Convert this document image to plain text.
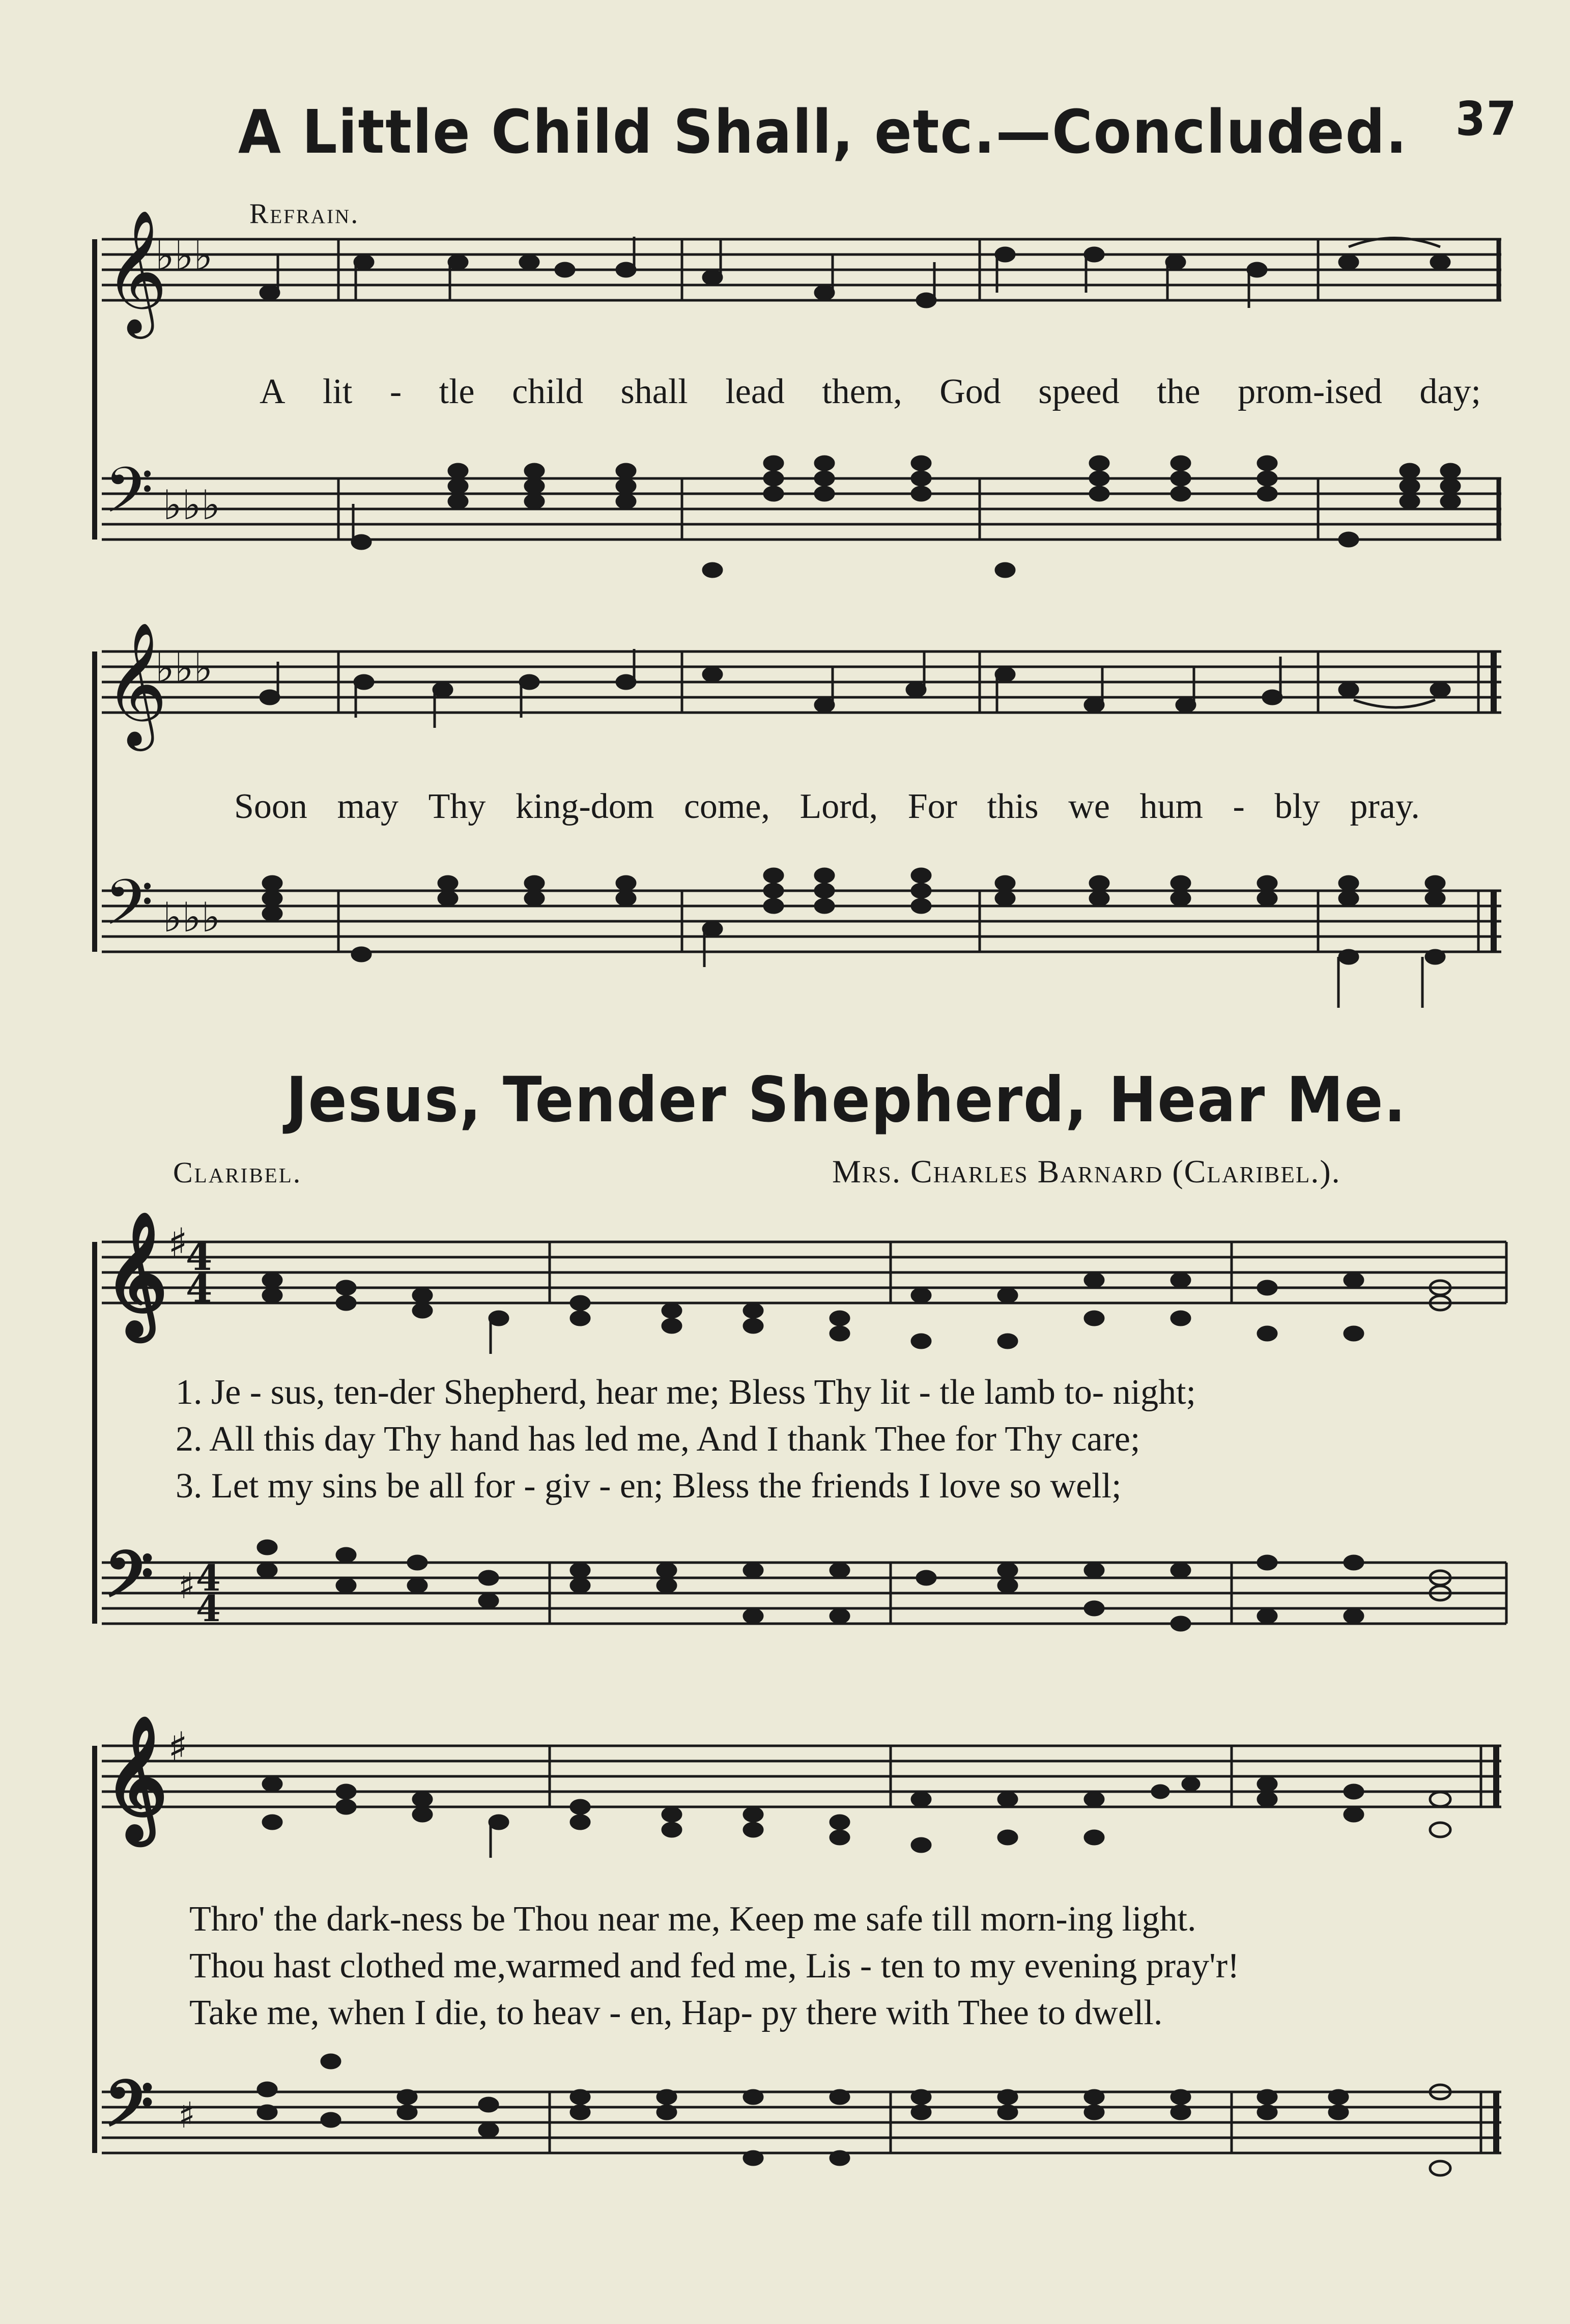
A Little Child Shall, etc.—Concluded. 37
Refrain.
𝄞
𝄢
♭♭♭
♭♭♭
A lit - tle child shall lead them, God speed the prom-ised day;
𝄞
𝄢
♭♭♭
♭♭♭
Soon may Thy king-dom come, Lord, For this we hum - bly pray.
Jesus, Tender Shepherd, Hear Me.
Claribel.	Mrs. Charles Barnard (Claribel.).
𝄞
𝄢
♯
4
4
♯ 4
4
1. Je - sus, ten-der Shepherd, hear me; Bless Thy lit - tle lamb to- night;
2. All this day Thy hand has led me, And I thank Thee for Thy care;
3. Let my sins be all for - giv - en; Bless the friends I love so well;
𝄞
𝄢
♯
♯
Thro' the dark-ness be Thou near me, Keep me safe till morn-ing light.
Thou hast clothed me,warmed and fed me, Lis - ten to my evening pray'r!
Take me, when I die, to heav - en, Hap- py there with Thee to dwell.
